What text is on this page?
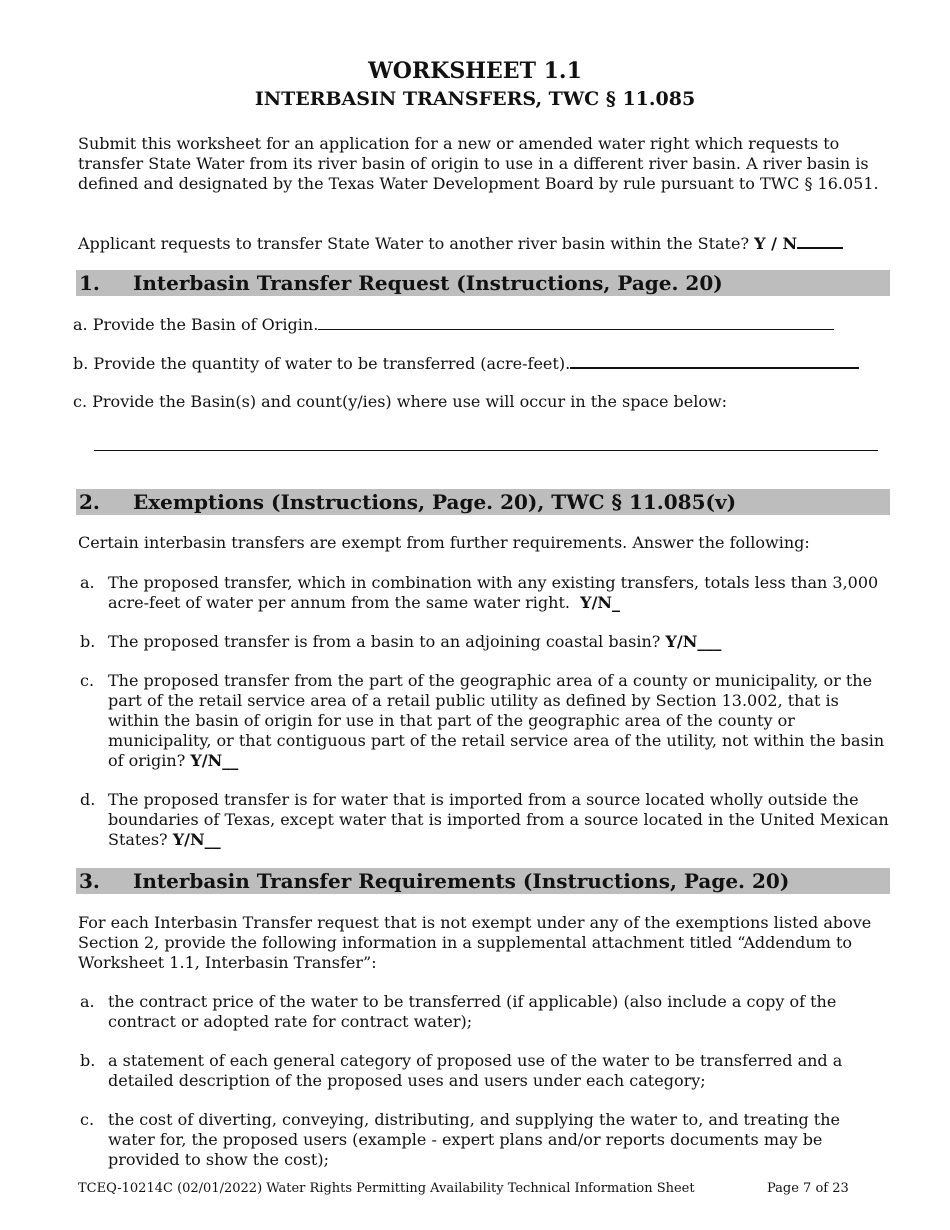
WORKSHEET 1.1
INTERBASIN TRANSFERS, TWC § 11.085
Submit this worksheet for an application for a new or amended water right which requests to transfer State Water from its river basin of origin to use in a different river basin. A river basin is defined and designated by the Texas Water Development Board by rule pursuant to TWC § 16.051.
Applicant requests to transfer State Water to another river basin within the State? Y / N
1. Interbasin Transfer Request (Instructions, Page. 20)
a. Provide the Basin of Origin.
b. Provide the quantity of water to be transferred (acre-feet).
c. Provide the Basin(s) and count(y/ies) where use will occur in the space below:
2. Exemptions (Instructions, Page. 20), TWC § 11.085(v)
Certain interbasin transfers are exempt from further requirements. Answer the following:
a. The proposed transfer, which in combination with any existing transfers, totals less than 3,000 acre-feet of water per annum from the same water right. Y/N_
b. The proposed transfer is from a basin to an adjoining coastal basin? Y/N___
c. The proposed transfer from the part of the geographic area of a county or municipality, or the part of the retail service area of a retail public utility as defined by Section 13.002, that is within the basin of origin for use in that part of the geographic area of the county or municipality, or that contiguous part of the retail service area of the utility, not within the basin of origin? Y/N__
d. The proposed transfer is for water that is imported from a source located wholly outside the boundaries of Texas, except water that is imported from a source located in the United Mexican States? Y/N__
3. Interbasin Transfer Requirements (Instructions, Page. 20)
For each Interbasin Transfer request that is not exempt under any of the exemptions listed above Section 2, provide the following information in a supplemental attachment titled “Addendum to Worksheet 1.1, Interbasin Transfer”:
a. the contract price of the water to be transferred (if applicable) (also include a copy of the contract or adopted rate for contract water);
b. a statement of each general category of proposed use of the water to be transferred and a detailed description of the proposed uses and users under each category;
c. the cost of diverting, conveying, distributing, and supplying the water to, and treating the water for, the proposed users (example - expert plans and/or reports documents may be provided to show the cost);
TCEQ-10214C (02/01/2022) Water Rights Permitting Availability Technical Information Sheet	Page 7 of 23
